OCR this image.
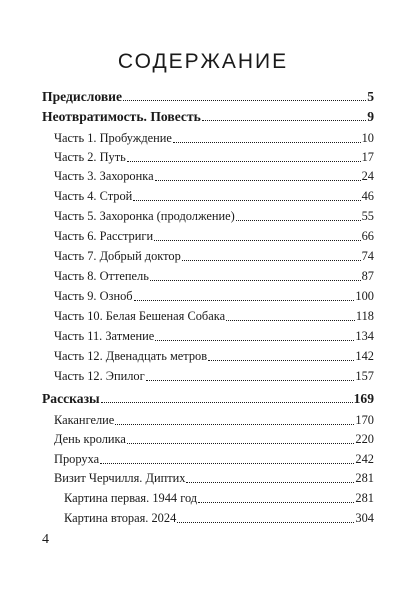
СОДЕРЖАНИЕ
Предисловие	5
Неотвратимость. Повесть	9
Часть 1. Пробуждение	10
Часть 2. Путь	17
Часть 3. Захоронка	24
Часть 4. Строй	46
Часть 5. Захоронка (продолжение)	55
Часть 6. Расстриги	66
Часть 7. Добрый доктор	74
Часть 8. Оттепель	87
Часть 9. Озноб	100
Часть 10. Белая Бешеная Собака	118
Часть 11. Затмение	134
Часть 12. Двенадцать метров	142
Часть 12. Эпилог	157
Рассказы	169
Какангелие	170
День кролика	220
Проруха	242
Визит Черчилля. Диптих	281
Картина первая. 1944 год	281
Картина вторая. 2024	304
4
